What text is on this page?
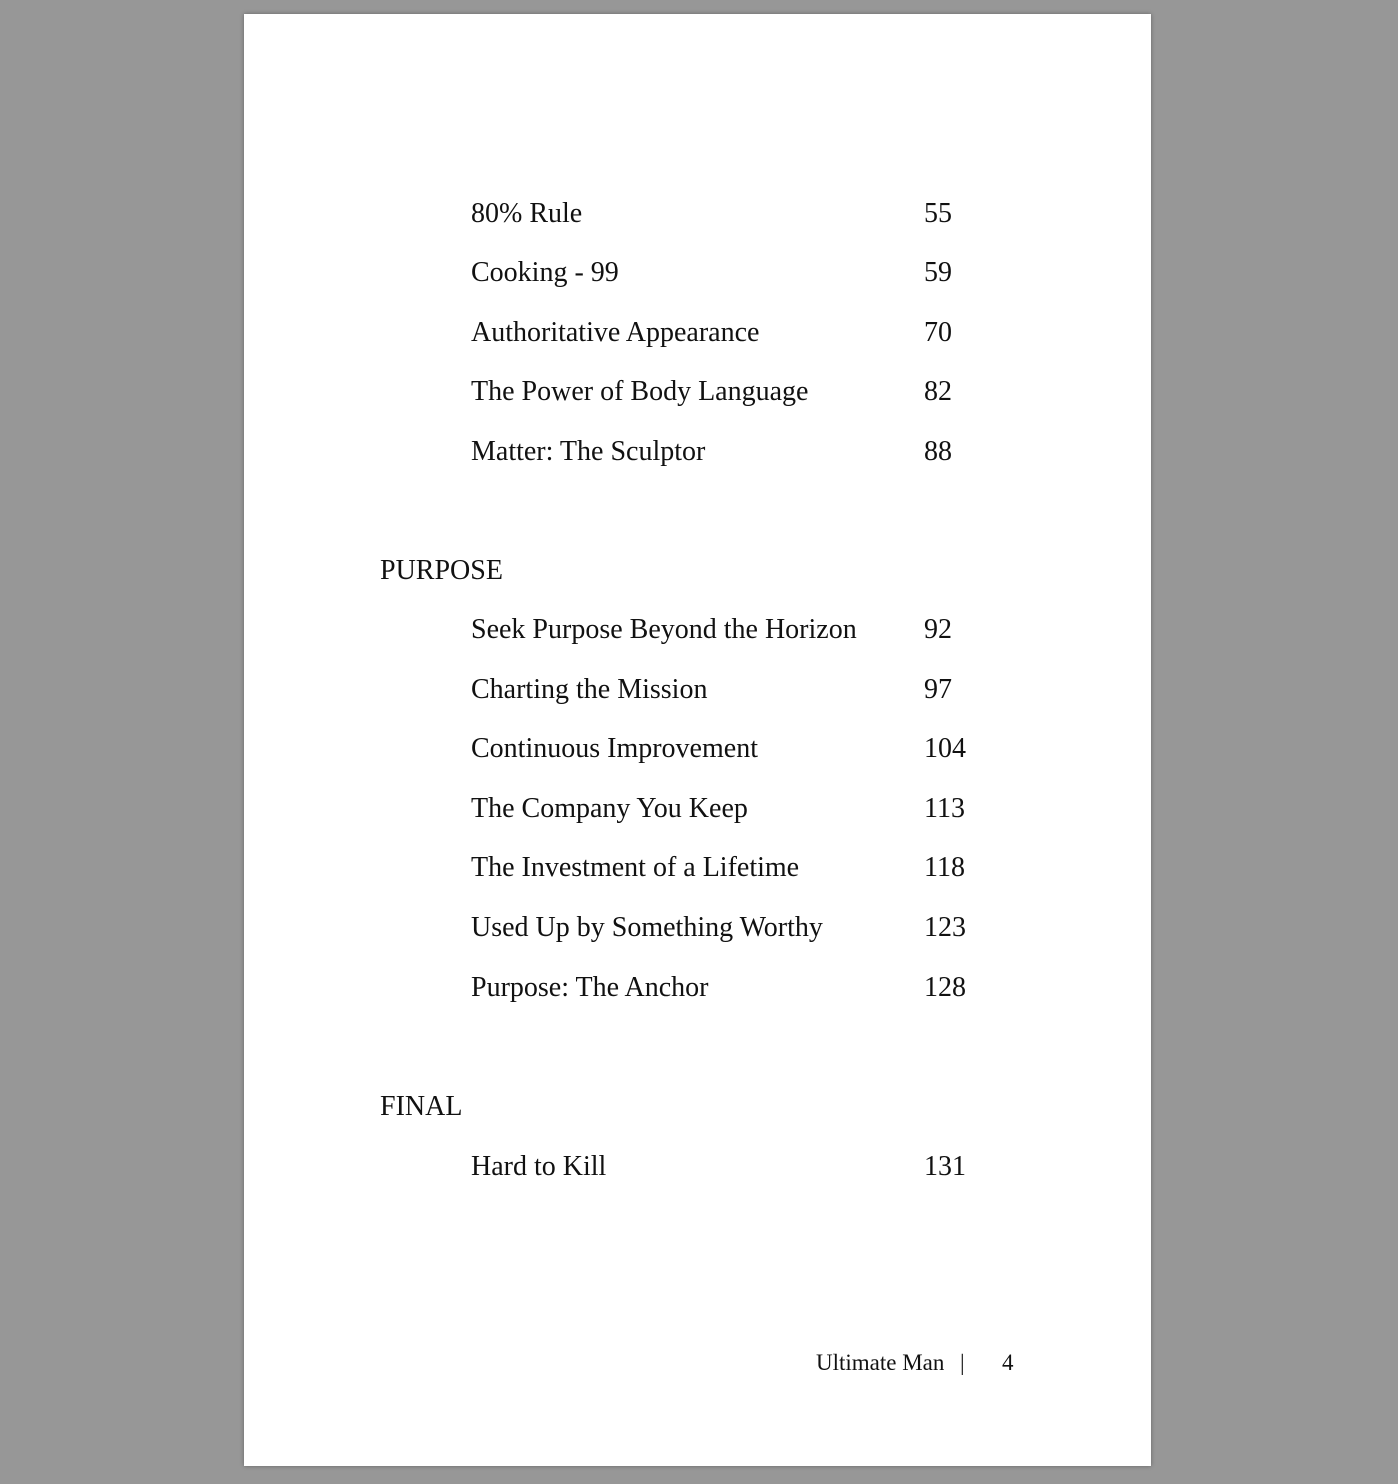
80% Rule	55
Cooking - 99	59
Authoritative Appearance	70
The Power of Body Language	82
Matter: The Sculptor	88
PURPOSE
Seek Purpose Beyond the Horizon 92
Charting the Mission	97
Continuous Improvement	104
The Company You Keep	113
The Investment of a Lifetime	118
Used Up by Something Worthy	123
Purpose: The Anchor	128
FINAL
Hard to Kill	131
Ultimate Man | 4
